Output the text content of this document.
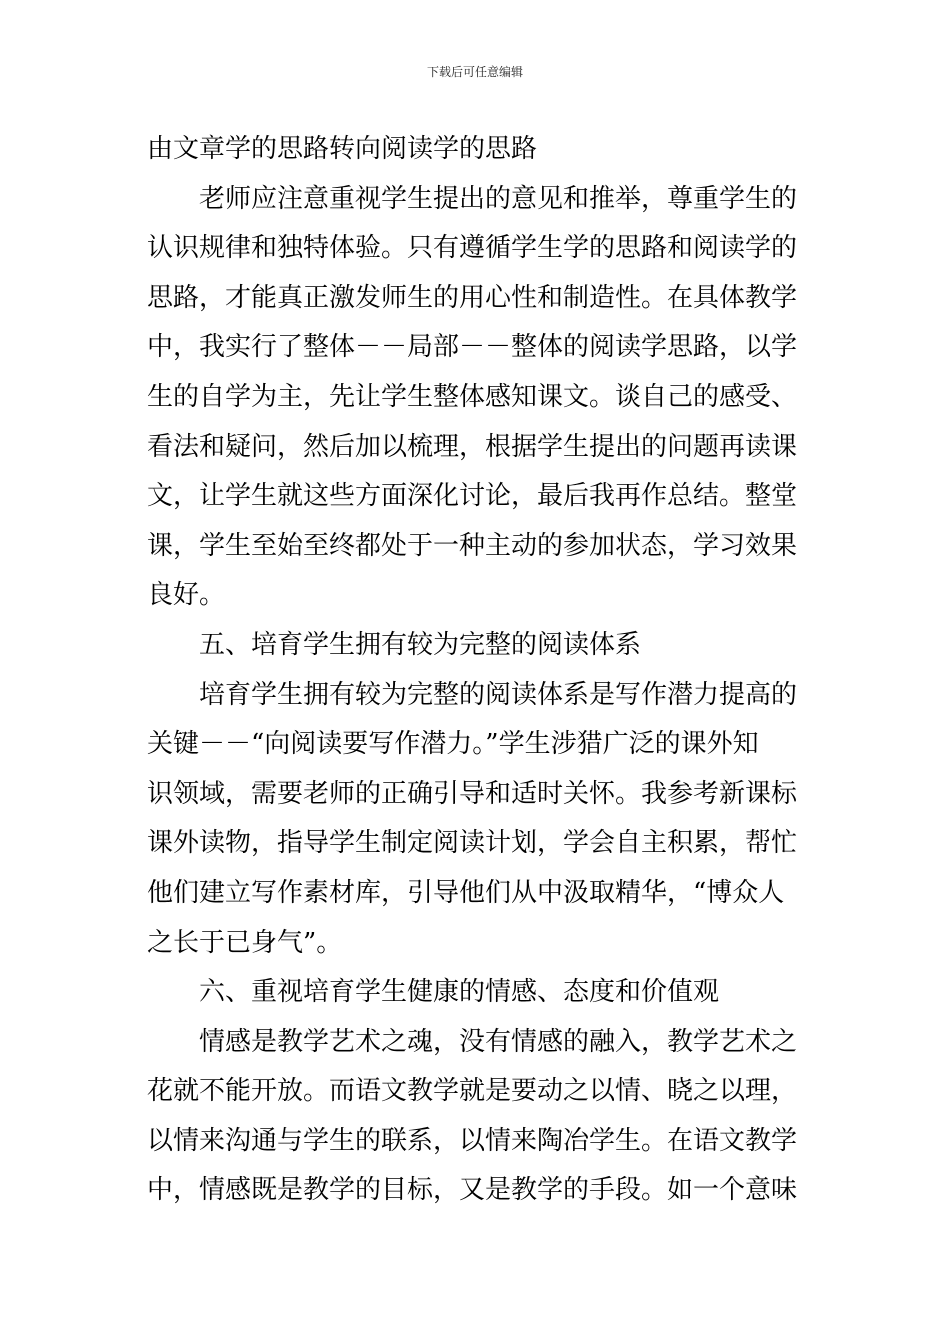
下载后可任意编辑
由文章学的思路转向阅读学的思路
老师应注意重视学生提出的意见和推举，尊重学生的
认识规律和独特体验。只有遵循学生学的思路和阅读学的
思路，才能真正激发师生的用心性和制造性。在具体教学
中，我实行了整体－－局部－－整体的阅读学思路，以学
生的自学为主，先让学生整体感知课文。谈自己的感受、
看法和疑问，然后加以梳理，根据学生提出的问题再读课
文，让学生就这些方面深化讨论，最后我再作总结。整堂
课，学生至始至终都处于一种主动的参加状态，学习效果
良好。
五、培育学生拥有较为完整的阅读体系
培育学生拥有较为完整的阅读体系是写作潜力提高的
关键－－“向阅读要写作潜力。”学生涉猎广泛的课外知
识领域，需要老师的正确引导和适时关怀。我参考新课标
课外读物，指导学生制定阅读计划，学会自主积累，帮忙
他们建立写作素材库，引导他们从中汲取精华，“博众人
之长于已身气”。
六、重视培育学生健康的情感、态度和价值观
情感是教学艺术之魂，没有情感的融入，教学艺术之
花就不能开放。而语文教学就是要动之以情、晓之以理，
以情来沟通与学生的联系，以情来陶冶学生。在语文教学
中，情感既是教学的目标，又是教学的手段。如一个意味
